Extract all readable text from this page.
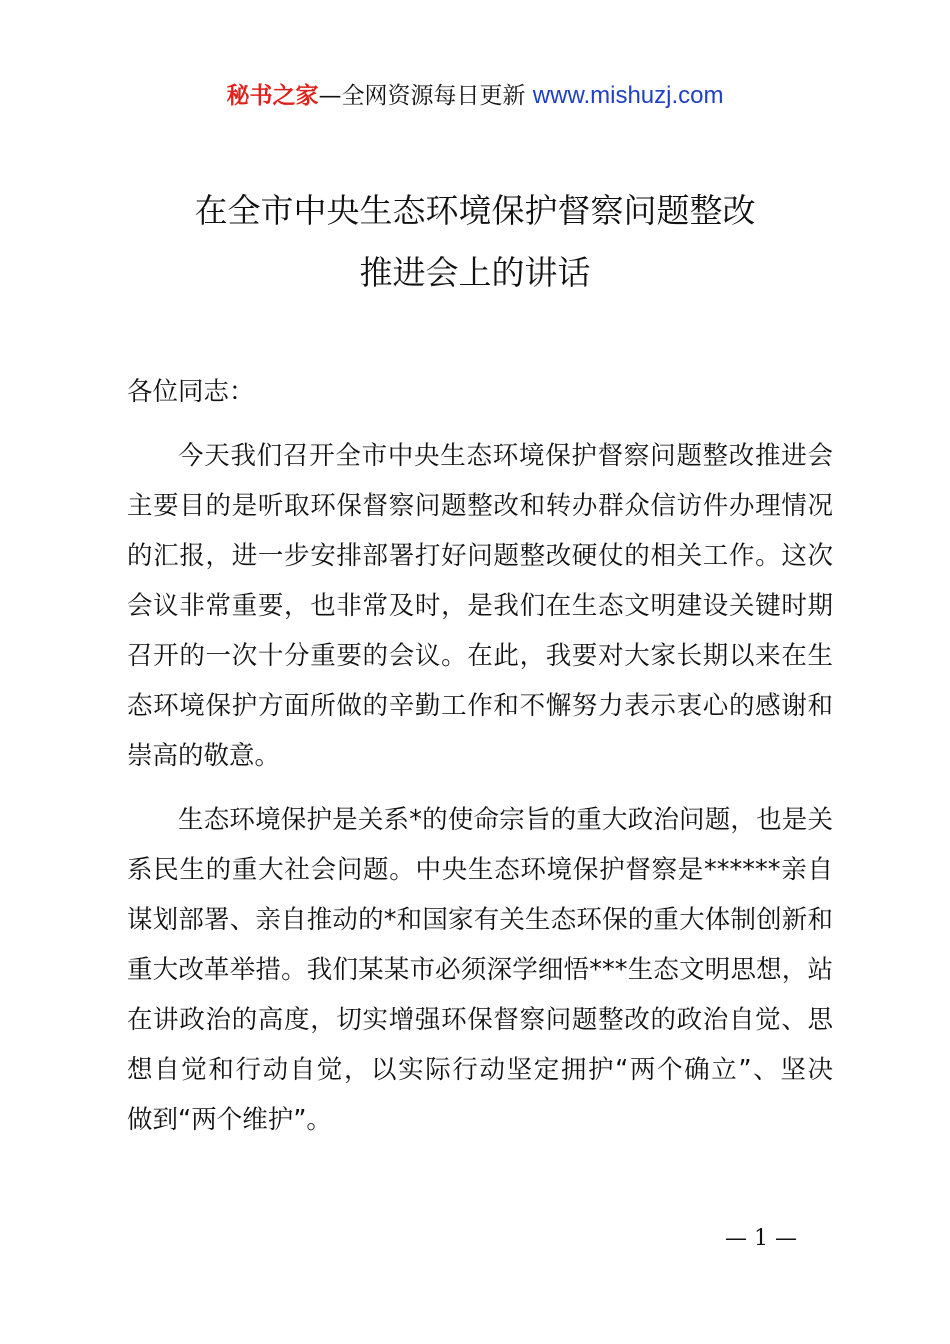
秘书之家—全网资源每日更新 www.mishuzj.com
在全市中央生态环境保护督察问题整改
推进会上的讲话
各位同志：
今天我们召开全市中央生态环境保护督察问题整改推进会
主要目的是听取环保督察问题整改和转办群众信访件办理情况
的汇报，进一步安排部署打好问题整改硬仗的相关工作。这次
会议非常重要，也非常及时，是我们在生态文明建设关键时期
召开的一次十分重要的会议。在此，我要对大家长期以来在生
态环境保护方面所做的辛勤工作和不懈努力表示衷心的感谢和
崇高的敬意。
生态环境保护是关系*的使命宗旨的重大政治问题，也是关
系民生的重大社会问题。中央生态环境保护督察是******亲自
谋划部署、亲自推动的*和国家有关生态环保的重大体制创新和
重大改革举措。我们某某市必须深学细悟***生态文明思想，站
在讲政治的高度，切实增强环保督察问题整改的政治自觉、思
想自觉和行动自觉，以实际行动坚定拥护“两个确立”、坚决
做到“两个维护”。
— 1 —
